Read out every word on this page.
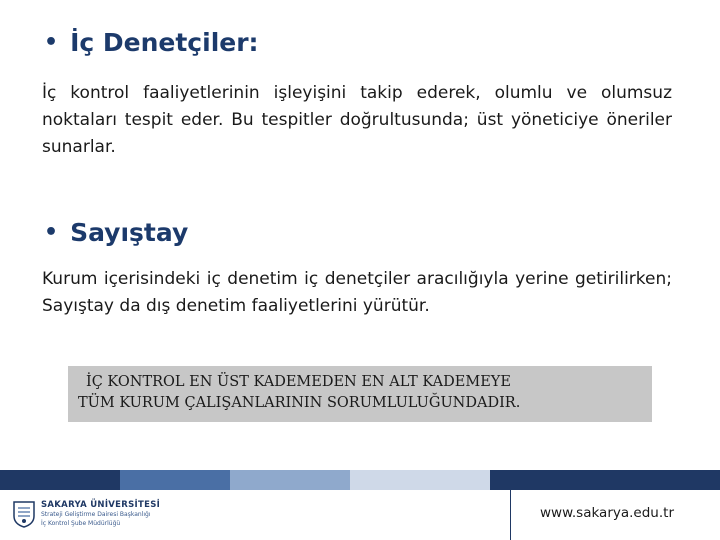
• İç Denetçiler:

İç kontrol faaliyetlerinin işleyişini takip ederek, olumlu ve olumsuz noktaları tespit eder. Bu tespitler doğrultusunda; üst yöneticiye öneriler sunarlar.

• Sayıştay

Kurum içerisindeki iç denetim iç denetçiler aracılığıyla yerine getirilirken; Sayıştay da dış denetim faaliyetlerini yürütür.

İÇ KONTROL EN ÜST KADEMEDEN EN ALT KADEMEYE
TÜM KURUM ÇALIŞANLARININ SORUMLULUĞUNDADIR.
SAKARYA ÜNİVERSİTESİ
Strateji Geliştirme Dairesi Başkanlığı
İç Kontrol Şube Müdürlüğü
www.sakarya.edu.tr
